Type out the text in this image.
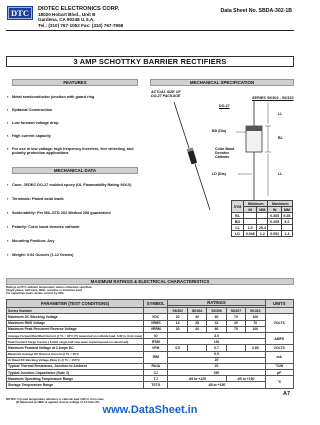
DTC DIOTEC ELECTRONICS CORP.
18020 Hobart Blvd., Unit B
Gardena, CA 90248 U.S.A.
Tel.: (310) 767-1052 Fax: (310) 767-7958
Data Sheet No. SBDA-302-1B
3 AMP SCHOTTKY BARRIER RECTIFIERS
FEATURES
▪ Metal semiconductor junction with guard ring
▪ Epitaxial Construction
▪ Low forward voltage drop
▪ High current capacity
▪ For use in low voltage, high frequency inverters, free wheeling, and polarity protection applications
MECHANICAL DATA
▪ Case: JEDEC DO-27 molded epoxy (UL Flammability Rating 94V-0)
▪ Terminals: Plated axial leads
▪ Solderability: Per MIL-STD-202 Method 208 guaranteed
▪ Polarity: Color band denotes cathode
▪ Mounting Position: Any
▪ Weight: 0.04 Ounces (1.12 Grams)
MECHANICAL SPECIFICATION
ACTUAL SIZE OF
DO-27 PACKAGE	SERIES SK302 - SK310
DO-27
BD (Dia)
BL
LL
LL
LD (Dia)
Color Band
Denotes
Cathode
SYM	Minimum		Maximum	
	IN	MM	IN	MM
BL			0.365	9.28
BD			0.205	5.2
LL	1.0	25.4		
LD	0.048	1.2	0.052	1.3
MAXIMUM RATINGS & ELECTRICAL CHARACTERISTICS
Ratings at 25°C ambient temperature unless otherwise specified.
Single phase, half wave, 60Hz, resistive or inductive load.
For capacitive loads, derate current by 20%.
PARAMETER (TEST CONDITIONS)	SYMBOL	RATINGS					UNITS

Series Number		SK302	SK304	SK306	SK307	SK310	
Maximum DC Blocking Voltage	VDC	20	40	60	70	100	VOLTS
Maximum RMS Voltage	VRMS	14	28	42	49	70	
Maximum Peak Recurrent Reverse Voltage	VRRM	20	40	60	70	100	
Average Forward Rectified Current @ TL = 90°C (T) measured on cathode lead, 1/32 in. from case)	IO	3.0					AMPS
Peak Forward Surge Current ( 8.3mS single half sine wave superimposed on rated load)	IFSM	120					
Maximum Forward Voltage at 3 Amps DC	VFM	0.5		0.7		0.85	VOLTS
Maximum Average DC Reverse Current @ TL = 25°C	IRM	0.5					mA
At Rated DC Blocking Voltage (Note 1) @ TL = 100°C		20					
Typical Thermal Resistance, Junction to Ambient	RθJA	20					°C/W
Typical Junction Capacitance (Note 2)	CJ	250					pF
Maximum Operating Temperature Range	TJ	-65 to +125			-65 to +150		°C
Storage Temperature Range	TSTG	-65 to +150					
NOTES: (1) Lead temperature reference is cathode lead 1/32 in. from case
(2) Measured at 1MHz & applied reverse voltage of 4.0 Volts DC
A7
www.DataSheet.in
